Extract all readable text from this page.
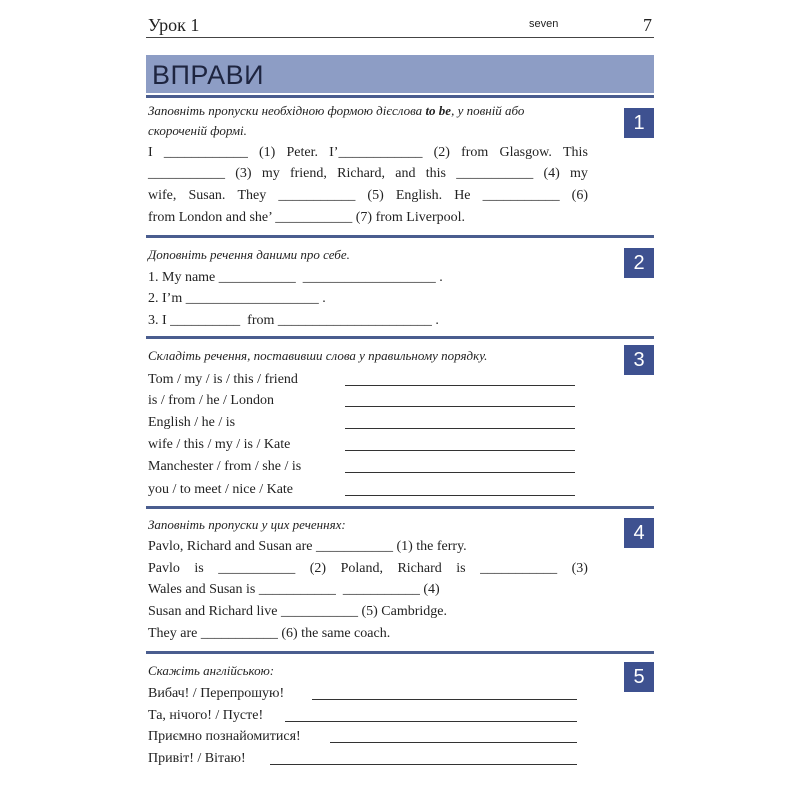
Урок 1	seven	7
ВПРАВИ
1
Заповніть пропуски необхідною формою дієслова to be, у повній або
скороченій формі.
I ____________ (1) Peter. I’____________ (2) from Glasgow. This
___________ (3) my friend, Richard, and this ___________ (4) my
wife, Susan. They ___________ (5) English. He ___________ (6)
from London and she’ ___________ (7) from Liverpool.
2
Доповніть речення даними про себе.
1. My name ___________  ___________________ .
2. I’m ___________________ .
3. I __________  from ______________________ .
3
Складіть речення, поставивши слова у правильному порядку.
Tom / my / is / this / friend
is / from / he / London
English / he / is
wife / this / my / is / Kate
Manchester / from / she / is
you / to meet / nice / Kate
4
Заповніть пропуски у цих реченнях:
Pavlo, Richard and Susan are ___________ (1) the ferry.
Pavlo is ___________ (2) Poland, Richard is ___________ (3)
Wales and Susan is ___________  ___________ (4)
Susan and Richard live ___________ (5) Cambridge.
They are ___________ (6) the same coach.
5
Скажіть англійською:
Вибач! / Перепрошую!
Та, нічого! / Пусте!
Приємно познайомитися!
Привіт! / Вітаю!
